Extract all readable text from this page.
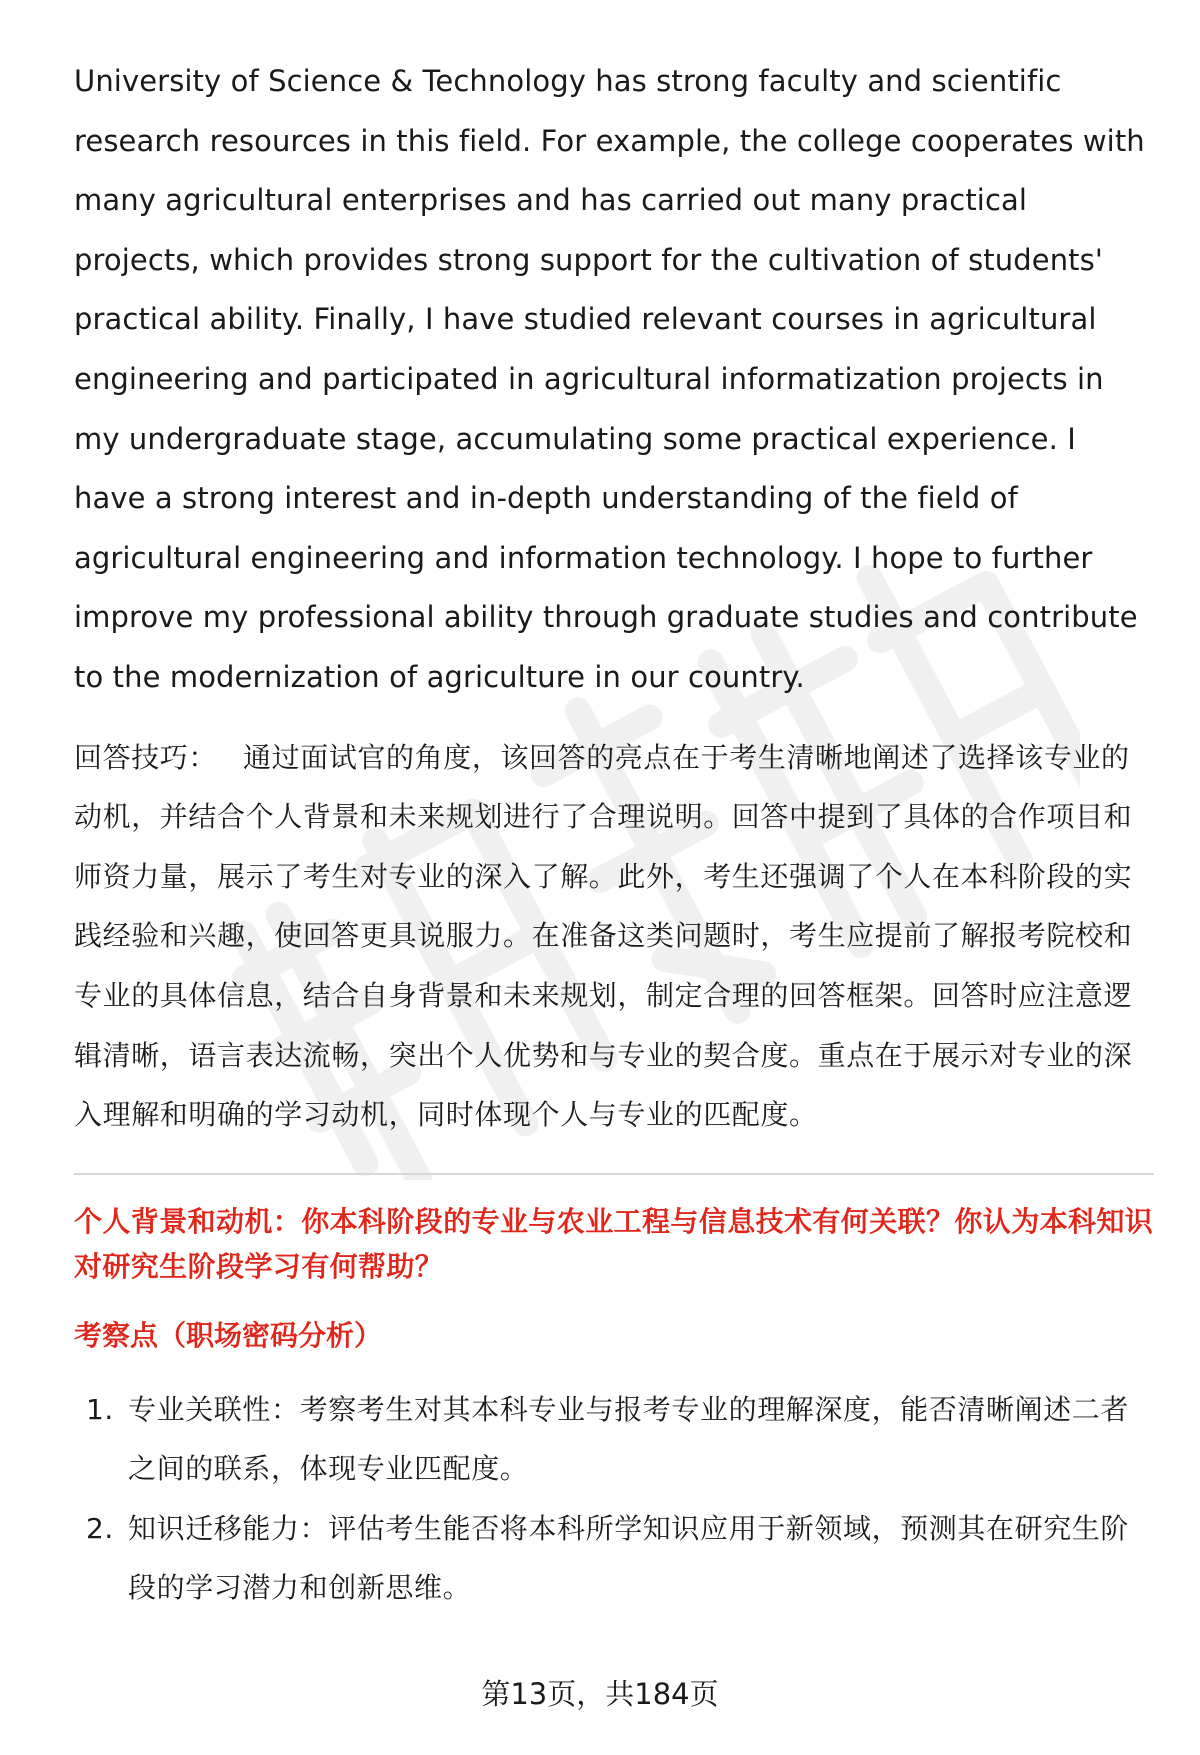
University of Science & Technology has strong faculty and scientific research resources in this field. For example, the college cooperates with many agricultural enterprises and has carried out many practical projects, which provides strong support for the cultivation of students' practical ability. Finally, I have studied relevant courses in agricultural engineering and participated in agricultural informatization projects in my undergraduate stage, accumulating some practical experience. I have a strong interest and in-depth understanding of the field of agricultural engineering and information technology. I hope to further improve my professional ability through graduate studies and contribute to the modernization of agriculture in our country.

回答技巧： 通过面试官的角度，该回答的亮点在于考生清晰地阐述了选择该专业的动机，并结合个人背景和未来规划进行了合理说明。回答中提到了具体的合作项目和师资力量，展示了考生对专业的深入了解。此外，考生还强调了个人在本科阶段的实践经验和兴趣，使回答更具说服力。在准备这类问题时，考生应提前了解报考院校和专业的具体信息，结合自身背景和未来规划，制定合理的回答框架。回答时应注意逻辑清晰，语言表达流畅，突出个人优势和与专业的契合度。重点在于展示对专业的深入理解和明确的学习动机，同时体现个人与专业的匹配度。

个人背景和动机：你本科阶段的专业与农业工程与信息技术有何关联？你认为本科知识对研究生阶段学习有何帮助？
考察点（职场密码分析）
1. 专业关联性：考察考生对其本科专业与报考专业的理解深度，能否清晰阐述二者之间的联系，体现专业匹配度。
2. 知识迁移能力：评估考生能否将本科所学知识应用于新领域，预测其在研究生阶段的学习潜力和创新思维。
第13页，共184页
